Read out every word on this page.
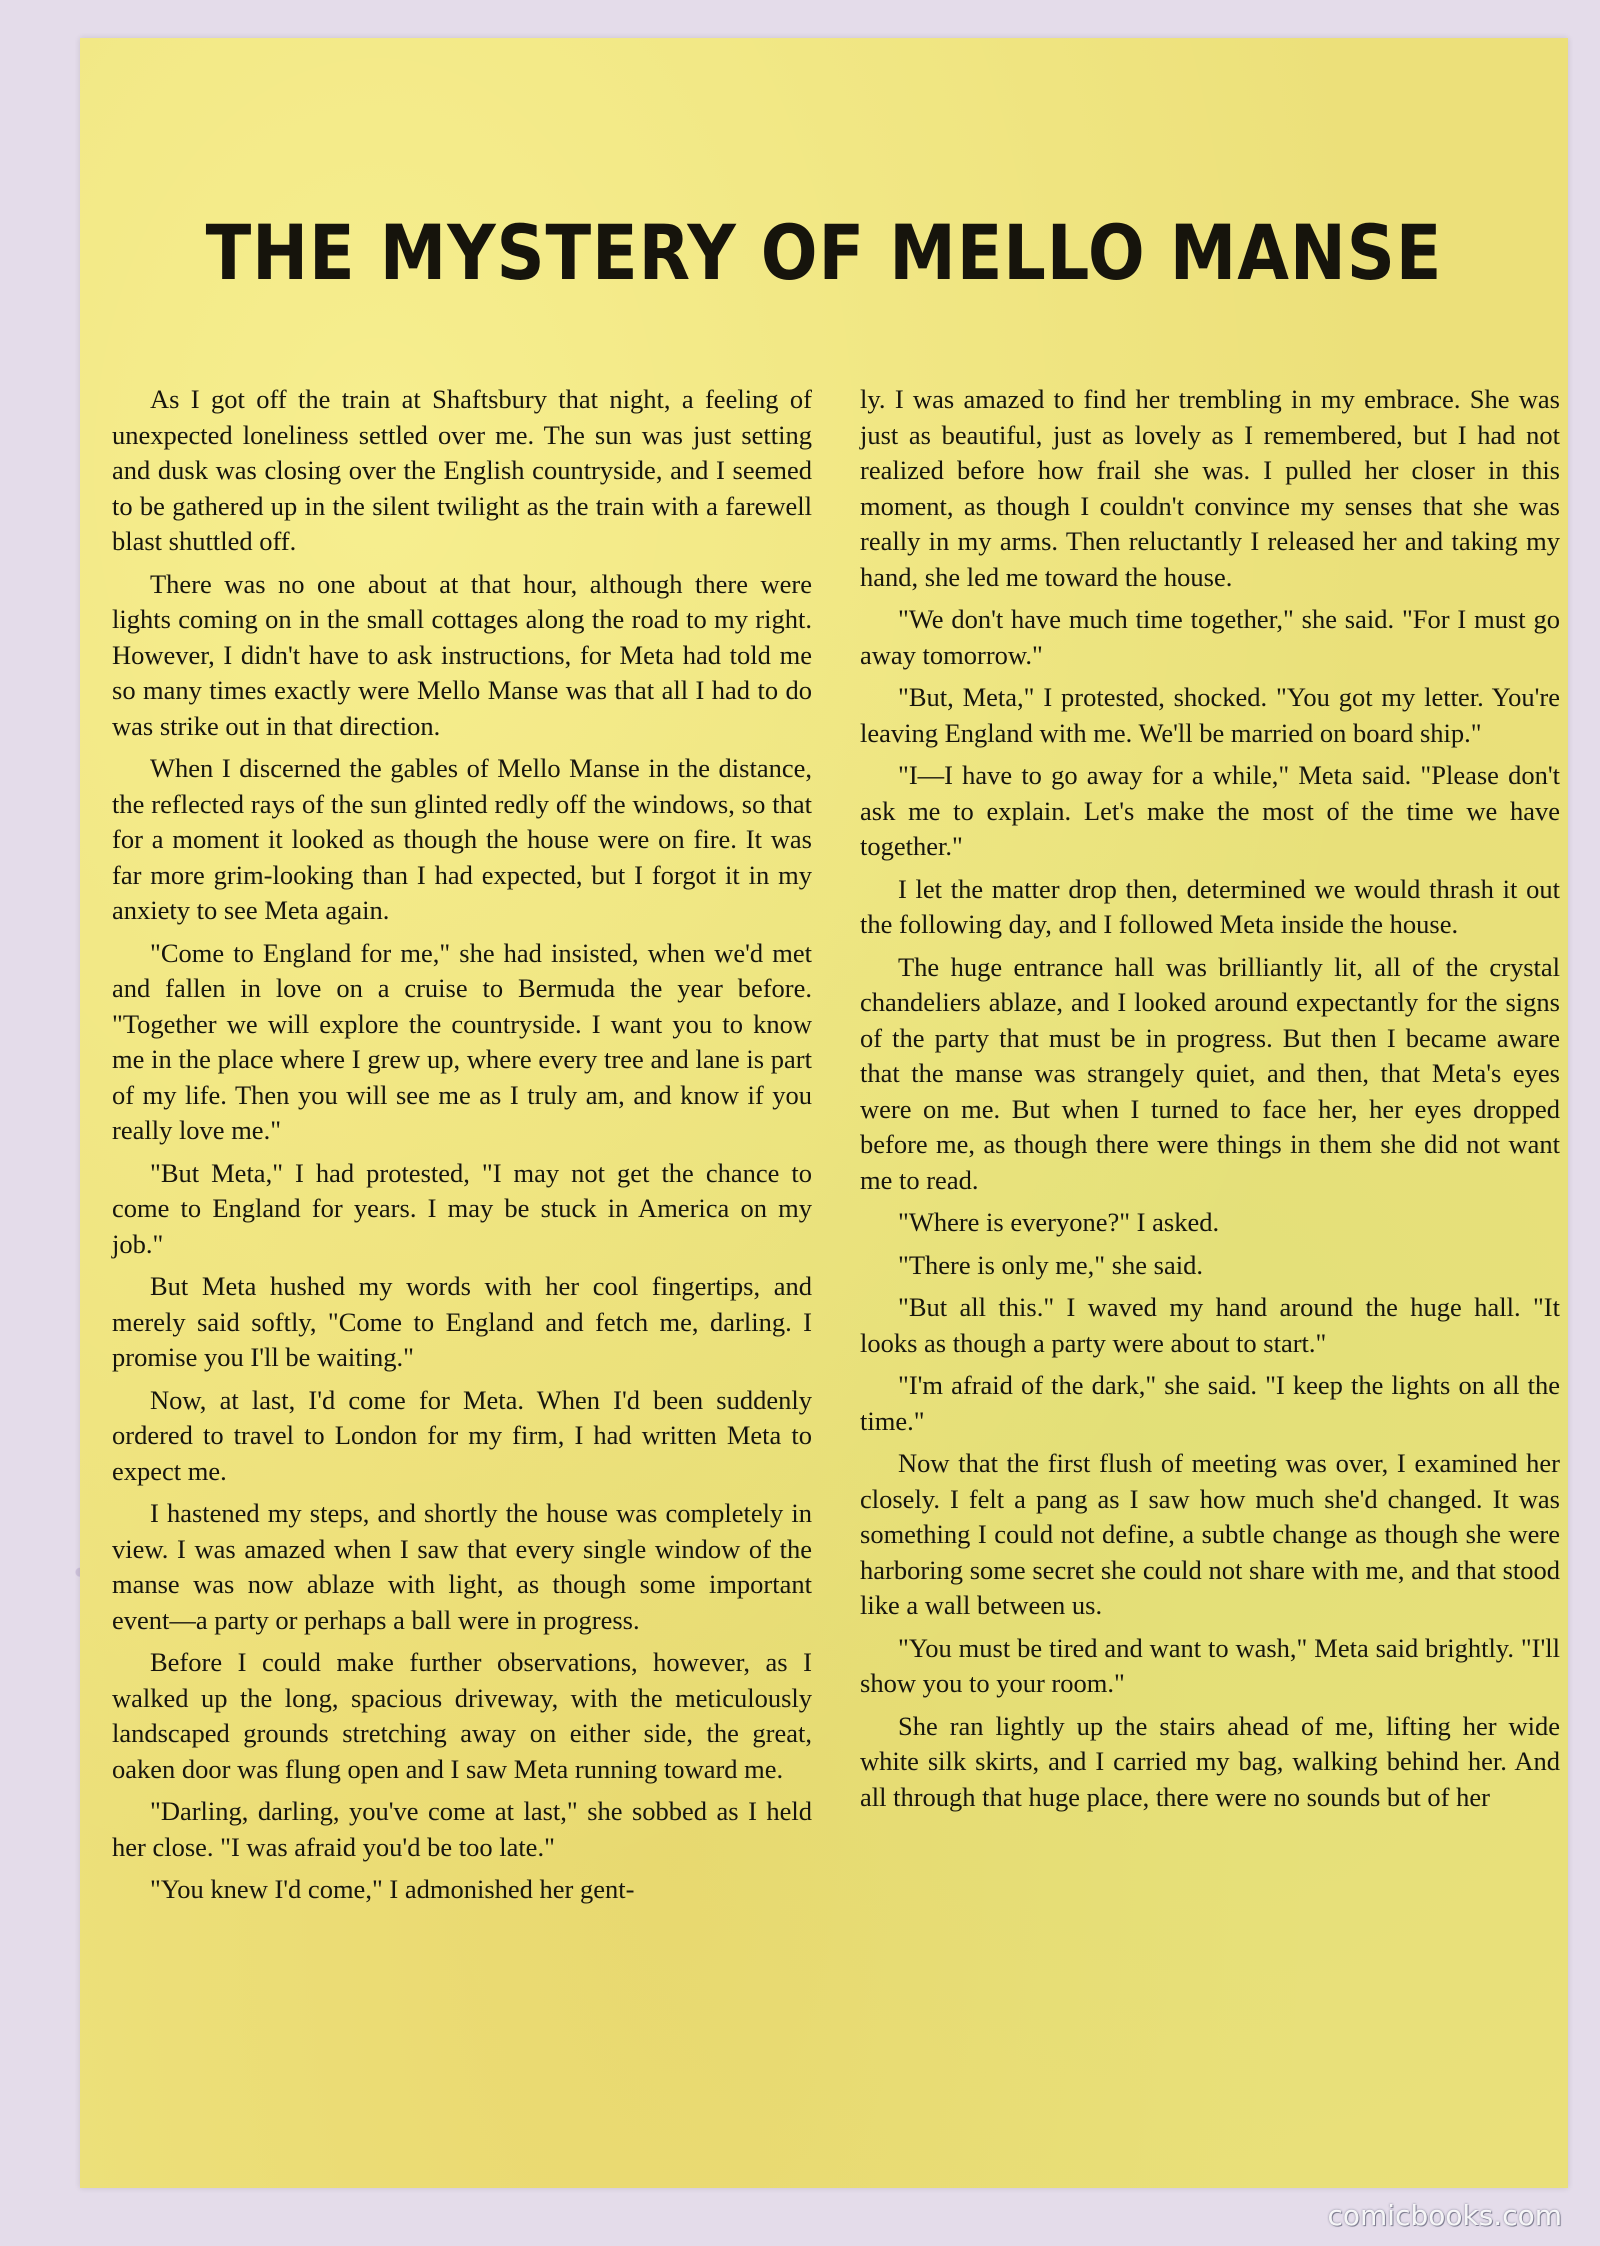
THE MYSTERY OF MELLO MANSE

As I got off the train at Shaftsbury that night, a feeling of unexpected loneliness settled over me. The sun was just setting and dusk was closing over the English countryside, and I seemed to be gathered up in the silent twilight as the train with a farewell blast shuttled off.

There was no one about at that hour, although there were lights coming on in the small cottages along the road to my right. However, I didn't have to ask instructions, for Meta had told me so many times exactly were Mello Manse was that all I had to do was strike out in that direction.

When I discerned the gables of Mello Manse in the distance, the reflected rays of the sun glinted redly off the windows, so that for a moment it looked as though the house were on fire. It was far more grim-looking than I had expected, but I forgot it in my anxiety to see Meta again.

"Come to England for me," she had insisted, when we'd met and fallen in love on a cruise to Bermuda the year before. "Together we will explore the countryside. I want you to know me in the place where I grew up, where every tree and lane is part of my life. Then you will see me as I truly am, and know if you really love me."

"But Meta," I had protested, "I may not get the chance to come to England for years. I may be stuck in America on my job."

But Meta hushed my words with her cool fingertips, and merely said softly, "Come to England and fetch me, darling. I promise you I'll be waiting."

Now, at last, I'd come for Meta. When I'd been suddenly ordered to travel to London for my firm, I had written Meta to expect me.

I hastened my steps, and shortly the house was completely in view. I was amazed when I saw that every single window of the manse was now ablaze with light, as though some important event—a party or perhaps a ball were in progress.

Before I could make further observations, however, as I walked up the long, spacious driveway, with the meticulously landscaped grounds stretching away on either side, the great, oaken door was flung open and I saw Meta running toward me.

"Darling, darling, you've come at last," she sobbed as I held her close. "I was afraid you'd be too late."

"You knew I'd come," I admonished her gent-

ly. I was amazed to find her trembling in my embrace. She was just as beautiful, just as lovely as I remembered, but I had not realized before how frail she was. I pulled her closer in this moment, as though I couldn't convince my senses that she was really in my arms. Then reluctantly I released her and taking my hand, she led me toward the house.

"We don't have much time together," she said. "For I must go away tomorrow."

"But, Meta," I protested, shocked. "You got my letter. You're leaving England with me. We'll be married on board ship."

"I—I have to go away for a while," Meta said. "Please don't ask me to explain. Let's make the most of the time we have together."

I let the matter drop then, determined we would thrash it out the following day, and I followed Meta inside the house.

The huge entrance hall was brilliantly lit, all of the crystal chandeliers ablaze, and I looked around expectantly for the signs of the party that must be in progress. But then I became aware that the manse was strangely quiet, and then, that Meta's eyes were on me. But when I turned to face her, her eyes dropped before me, as though there were things in them she did not want me to read.

"Where is everyone?" I asked.

"There is only me," she said.

"But all this." I waved my hand around the huge hall. "It looks as though a party were about to start."

"I'm afraid of the dark," she said. "I keep the lights on all the time."

Now that the first flush of meeting was over, I examined her closely. I felt a pang as I saw how much she'd changed. It was something I could not define, a subtle change as though she were harboring some secret she could not share with me, and that stood like a wall between us.

"You must be tired and want to wash," Meta said brightly. "I'll show you to your room."

She ran lightly up the stairs ahead of me, lifting her wide white silk skirts, and I carried my bag, walking behind her. And all through that huge place, there were no sounds but of her

comicbooks.com
